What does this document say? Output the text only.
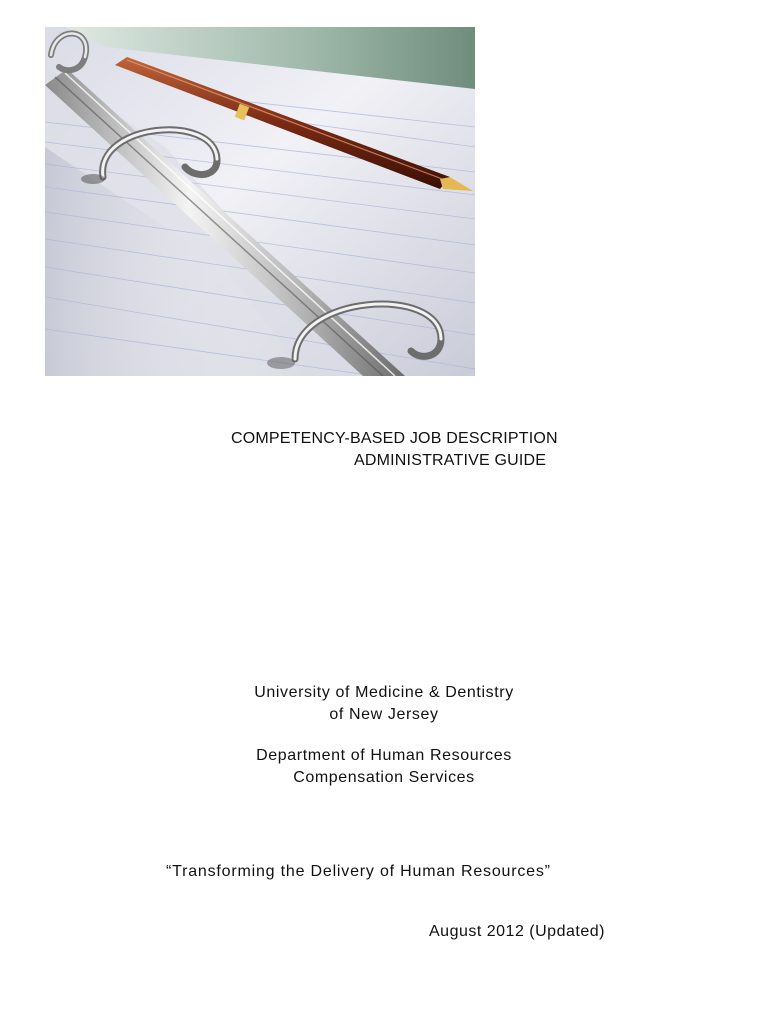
COMPETENCY-BASED JOB DESCRIPTION
ADMINISTRATIVE GUIDE
University of Medicine & Dentistry
of New Jersey
Department of Human Resources
Compensation Services
“Transforming the Delivery of Human Resources”
August 2012 (Updated)
